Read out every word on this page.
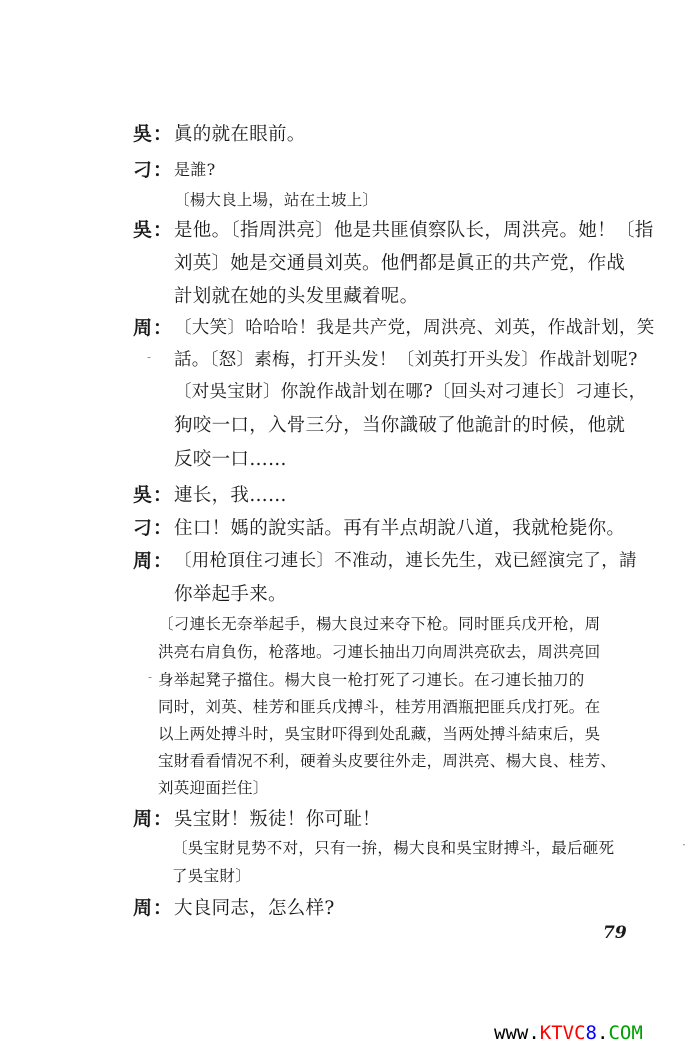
吳： 眞的就在眼前。
刁： 是誰?
〔楊大良上場，站在土坡上〕
吳： 是他。〔指周洪亮〕他是共匪偵察队长，周洪亮。她！〔指
刘英〕她是交通員刘英。他們都是眞正的共产党，作战
計划就在她的头发里藏着呢。
周： 〔大笑〕哈哈哈！我是共产党，周洪亮、刘英，作战計划，笑
- 話。〔怒〕素梅，打开头发！〔刘英打开头发〕作战計划呢?
〔对吳宝財〕你說作战計划在哪?〔回头对刁連长〕刁連长，
狗咬一口，入骨三分，当你識破了他詭計的时候，他就
反咬一口……
吳： 連长，我……
刁： 住口！媽的說实話。再有半点胡說八道，我就枪毙你。
周： 〔用枪頂住刁連长〕不准动，連长先生，戏已經演完了，請
你举起手来。
〔刁連长无奈举起手，楊大良过来夺下枪。同时匪兵戊开枪，周
洪亮右肩負伤，枪落地。刁連长抽出刀向周洪亮砍去，周洪亮回
- 身举起凳子擋住。楊大良一枪打死了刁連长。在刁連长抽刀的
同时，刘英、桂芳和匪兵戊搏斗，桂芳用酒瓶把匪兵戊打死。在
以上两处搏斗时，吳宝財吓得到处乱藏，当两处搏斗結束后，吳
宝財看看情况不利，硬着头皮要往外走，周洪亮、楊大良、桂芳、
刘英迎面拦住〕
周： 吳宝財！叛徒！你可耻！
〔吳宝財見势不对，只有一拚，楊大良和吳宝財搏斗，最后砸死	·
了吳宝財〕
周： 大良同志，怎么样?
79
www.KTVC8.COM
